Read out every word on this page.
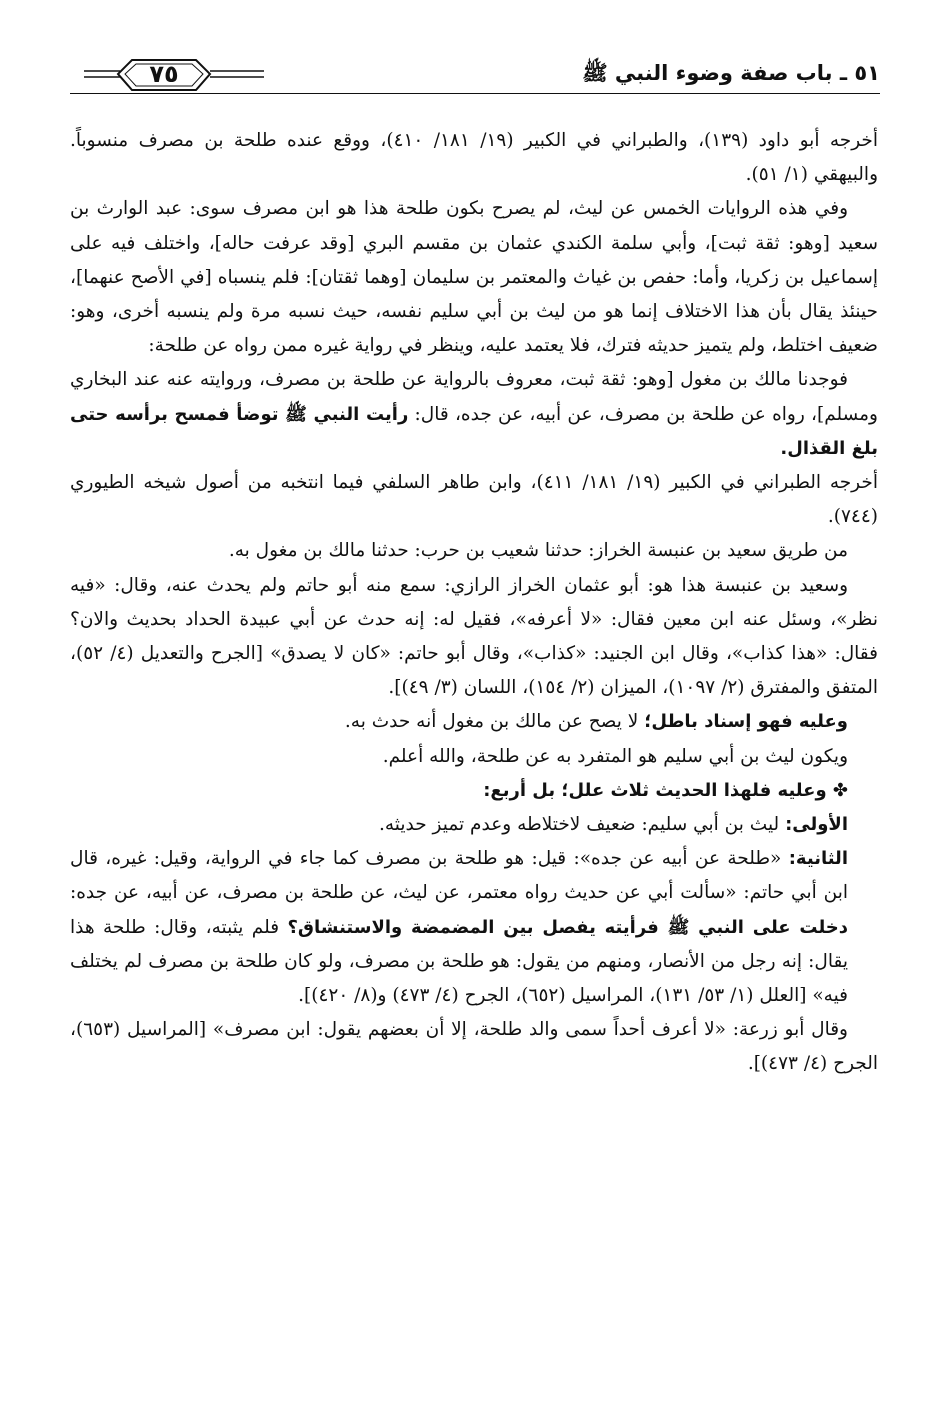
٥١ ـ باب صفة وضوء النبي ﷺ
٧٥

أخرجه أبو داود (١٣٩)، والطبراني في الكبير (١٩/ ١٨١/ ٤١٠)، ووقع عنده طلحة بن مصرف منسوباً. والبيهقي (١/ ٥١).

وفي هذه الروايات الخمس عن ليث، لم يصرح بكون طلحة هذا هو ابن مصرف سوى: عبد الوارث بن سعيد [وهو: ثقة ثبت]، وأبي سلمة الكندي عثمان بن مقسم البري [وقد عرفت حاله]، واختلف فيه على إسماعيل بن زكريا، وأما: حفص بن غياث والمعتمر بن سليمان [وهما ثقتان]: فلم ينسباه [في الأصح عنهما]، حينئذ يقال بأن هذا الاختلاف إنما هو من ليث بن أبي سليم نفسه، حيث نسبه مرة ولم ينسبه أخرى، وهو: ضعيف اختلط، ولم يتميز حديثه فترك، فلا يعتمد عليه، وينظر في رواية غيره ممن رواه عن طلحة:

فوجدنا مالك بن مغول [وهو: ثقة ثبت، معروف بالرواية عن طلحة بن مصرف، وروايته عنه عند البخاري ومسلم]، رواه عن طلحة بن مصرف، عن أبيه، عن جده، قال: رأيت النبي ﷺ توضأ فمسح برأسه حتى بلغ القذال.

أخرجه الطبراني في الكبير (١٩/ ١٨١/ ٤١١)، وابن طاهر السلفي فيما انتخبه من أصول شيخه الطيوري (٧٤٤).

من طريق سعيد بن عنبسة الخراز: حدثنا شعيب بن حرب: حدثنا مالك بن مغول به.

وسعيد بن عنبسة هذا هو: أبو عثمان الخراز الرازي: سمع منه أبو حاتم ولم يحدث عنه، وقال: «فيه نظر»، وسئل عنه ابن معين فقال: «لا أعرفه»، فقيل له: إنه حدث عن أبي عبيدة الحداد بحديث والان؟ فقال: «هذا كذاب»، وقال ابن الجنيد: «كذاب»، وقال أبو حاتم: «كان لا يصدق» [الجرح والتعديل (٤/ ٥٢)، المتفق والمفترق (٢/ ١٠٩٧)، الميزان (٢/ ١٥٤)، اللسان (٣/ ٤٩)].

وعليه فهو إسناد باطل؛ لا يصح عن مالك بن مغول أنه حدث به.

ويكون ليث بن أبي سليم هو المتفرد به عن طلحة، والله أعلم.

✤ وعليه فلهذا الحديث ثلاث علل؛ بل أربع:

الأولى: ليث بن أبي سليم: ضعيف لاختلاطه وعدم تميز حديثه.

الثانية: «طلحة عن أبيه عن جده»: قيل: هو طلحة بن مصرف كما جاء في الرواية، وقيل: غيره، قال ابن أبي حاتم: «سألت أبي عن حديث رواه معتمر، عن ليث، عن طلحة بن مصرف، عن أبيه، عن جده: دخلت على النبي ﷺ فرأيته يفصل بين المضمضة والاستنشاق؟ فلم يثبته، وقال: طلحة هذا يقال: إنه رجل من الأنصار، ومنهم من يقول: هو طلحة بن مصرف، ولو كان طلحة بن مصرف لم يختلف فيه» [العلل (١/ ٥٣/ ١٣١)، المراسيل (٦٥٢)، الجرح (٤/ ٤٧٣) و(٨/ ٤٢٠)].

وقال أبو زرعة: «لا أعرف أحداً سمى والد طلحة، إلا أن بعضهم يقول: ابن مصرف» [المراسيل (٦٥٣)، الجرح (٤/ ٤٧٣)].
